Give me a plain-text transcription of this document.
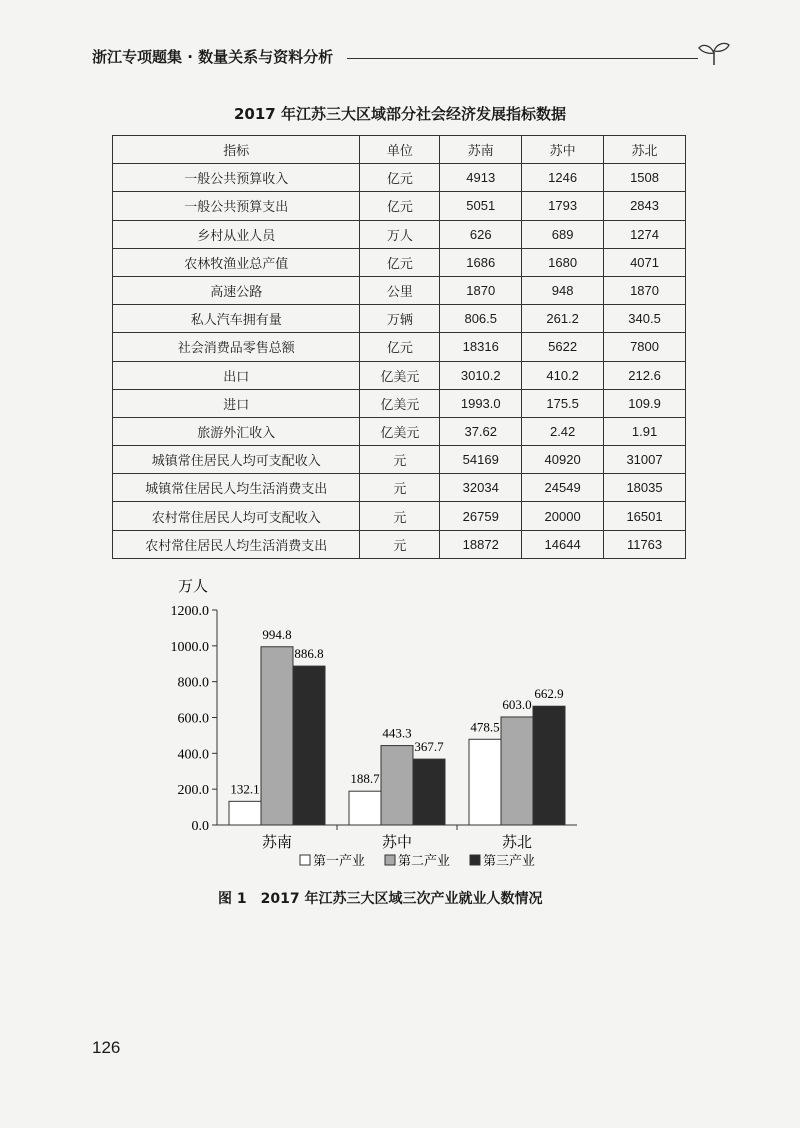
浙江专项题集 · 数量关系与资料分析
2017 年江苏三大区域部分社会经济发展指标数据
指标	单位	苏南	苏中	苏北
一般公共预算收入	亿元	4913	1246	1508
一般公共预算支出	亿元	5051	1793	2843
乡村从业人员	万人	626	689	1274
农林牧渔业总产值	亿元	1686	1680	4071
高速公路	公里	1870	948	1870
私人汽车拥有量	万辆	806.5	261.2	340.5
社会消费品零售总额	亿元	18316	5622	7800
出口	亿美元	3010.2	410.2	212.6
进口	亿美元	1993.0	175.5	109.9
旅游外汇收入	亿美元	37.62	2.42	1.91
城镇常住居民人均可支配收入	元	54169	40920	31007
城镇常住居民人均生活消费支出	元	32034	24549	18035
农村常住居民人均可支配收入	元	26759	20000	16501
农村常住居民人均生活消费支出	元	18872	14644	11763
万人
0.0
200.0
400.0
600.0
800.0
1000.0
1200.0
苏南
132.1
994.8
886.8
苏中
188.7
443.3
367.7
苏北
478.5
603.0
662.9
第一产业	第二产业	第三产业
图 1　2017 年江苏三大区域三次产业就业人数情况
126
